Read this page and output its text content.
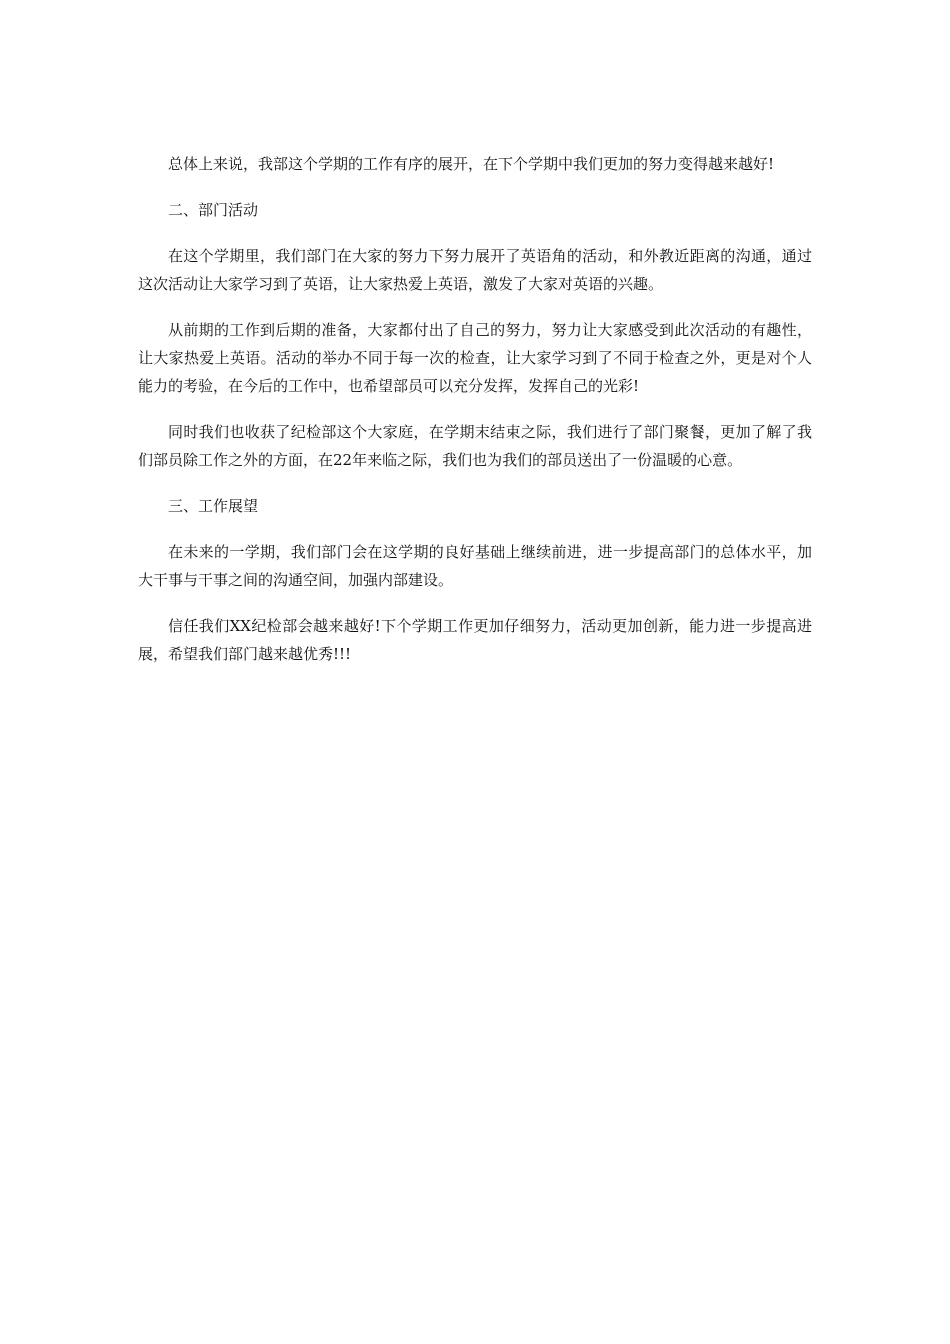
总体上来说，我部这个学期的工作有序的展开，在下个学期中我们更加的努力变得越来越好!

二、部门活动

在这个学期里，我们部门在大家的努力下努力展开了英语角的活动，和外教近距离的沟通，通过这次活动让大家学习到了英语，让大家热爱上英语，激发了大家对英语的兴趣。

从前期的工作到后期的准备，大家都付出了自己的努力，努力让大家感受到此次活动的有趣性，让大家热爱上英语。活动的举办不同于每一次的检查，让大家学习到了不同于检查之外，更是对个人能力的考验，在今后的工作中，也希望部员可以充分发挥，发挥自己的光彩!

同时我们也收获了纪检部这个大家庭，在学期末结束之际，我们进行了部门聚餐，更加了解了我们部员除工作之外的方面，在22年来临之际，我们也为我们的部员送出了一份温暖的心意。

三、工作展望

在未来的一学期，我们部门会在这学期的良好基础上继续前进，进一步提高部门的总体水平，加大干事与干事之间的沟通空间，加强内部建设。

信任我们XX纪检部会越来越好!下个学期工作更加仔细努力，活动更加创新，能力进一步提高进展，希望我们部门越来越优秀!!!
